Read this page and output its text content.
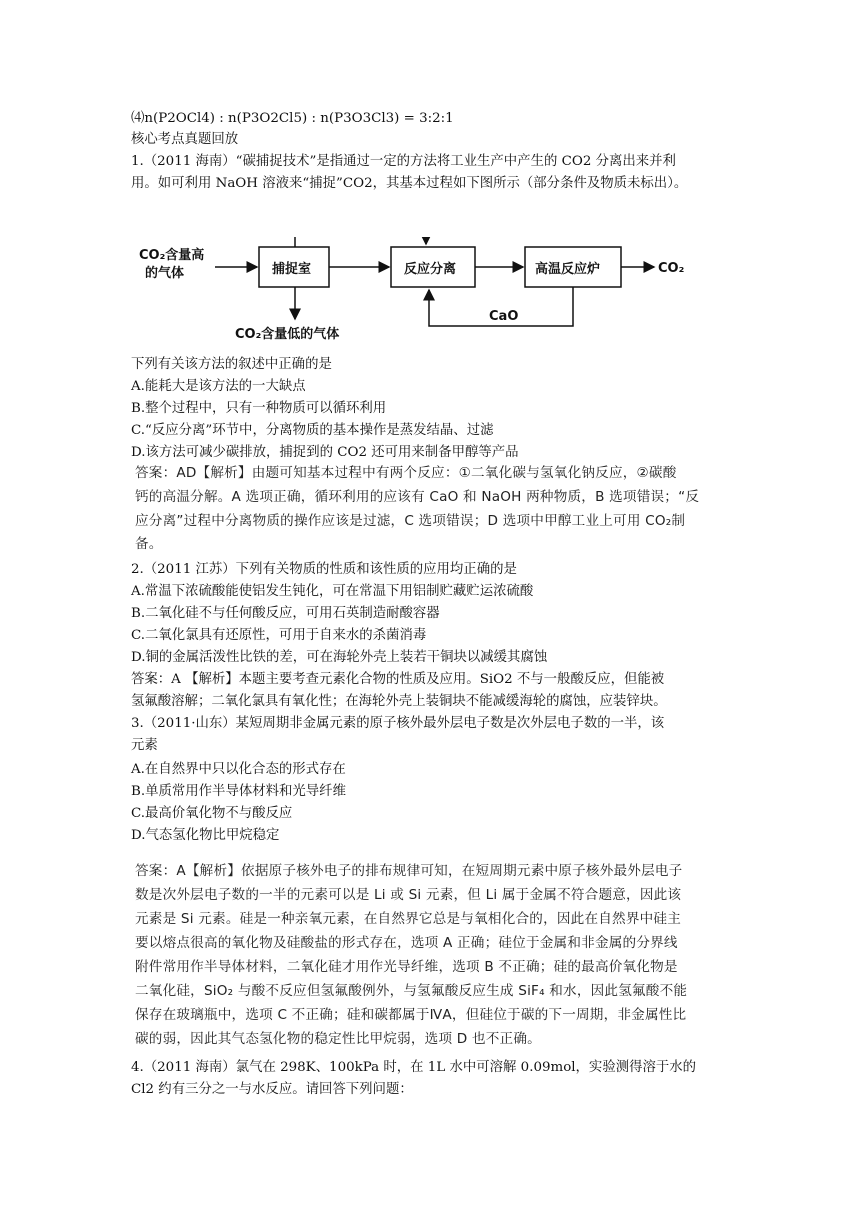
⑷n(P2OCl4) : n(P3O2Cl5) : n(P3O3Cl3) = 3:2:1
核心考点真题回放
1.（2011 海南）“碳捕捉技术”是指通过一定的方法将工业生产中产生的 CO2 分离出来并利
用。如可利用 NaOH 溶液来“捕捉”CO2，其基本过程如下图所示（部分条件及物质未标出）。
CO₂含量高
的气体	捕捉室	反应分离	高温反应炉	CO₂
CO₂含量低的气体
CaO
下列有关该方法的叙述中正确的是
A.能耗大是该方法的一大缺点
B.整个过程中，只有一种物质可以循环利用
C.“反应分离”环节中，分离物质的基本操作是蒸发结晶、过滤
D.该方法可减少碳排放，捕捉到的 CO2 还可用来制备甲醇等产品
答案：AD【解析】由题可知基本过程中有两个反应：①二氧化碳与氢氧化钠反应，②碳酸
钙的高温分解。A 选项正确，循环利用的应该有 CaO 和 NaOH 两种物质，B 选项错误；“反
应分离”过程中分离物质的操作应该是过滤，C 选项错误；D 选项中甲醇工业上可用 CO₂制
备。
2.（2011 江苏）下列有关物质的性质和该性质的应用均正确的是
A.常温下浓硫酸能使铝发生钝化，可在常温下用铝制贮藏贮运浓硫酸
B.二氧化硅不与任何酸反应，可用石英制造耐酸容器
C.二氧化氯具有还原性，可用于自来水的杀菌消毒
D.铜的金属活泼性比铁的差，可在海轮外壳上装若干铜块以减缓其腐蚀
答案：A 【解析】本题主要考查元素化合物的性质及应用。SiO2 不与一般酸反应，但能被
氢氟酸溶解；二氧化氯具有氧化性；在海轮外壳上装铜块不能减缓海轮的腐蚀，应装锌块。
3.（2011·山东）某短周期非金属元素的原子核外最外层电子数是次外层电子数的一半，该
元素
A.在自然界中只以化合态的形式存在
B.单质常用作半导体材料和光导纤维
C.最高价氧化物不与酸反应
D.气态氢化物比甲烷稳定
答案：A【解析】依据原子核外电子的排布规律可知，在短周期元素中原子核外最外层电子
数是次外层电子数的一半的元素可以是 Li 或 Si 元素，但 Li 属于金属不符合题意，因此该
元素是 Si 元素。硅是一种亲氧元素，在自然界它总是与氧相化合的，因此在自然界中硅主
要以熔点很高的氧化物及硅酸盐的形式存在，选项 A 正确；硅位于金属和非金属的分界线
附件常用作半导体材料，二氧化硅才用作光导纤维，选项 B 不正确；硅的最高价氧化物是
二氧化硅，SiO₂ 与酸不反应但氢氟酸例外，与氢氟酸反应生成 SiF₄ 和水，因此氢氟酸不能
保存在玻璃瓶中，选项 C 不正确；硅和碳都属于ⅣA，但硅位于碳的下一周期，非金属性比
碳的弱，因此其气态氢化物的稳定性比甲烷弱，选项 D 也不正确。
4.（2011 海南）氯气在 298K、100kPa 时，在 1L 水中可溶解 0.09mol，实验测得溶于水的
Cl2 约有三分之一与水反应。请回答下列问题：
